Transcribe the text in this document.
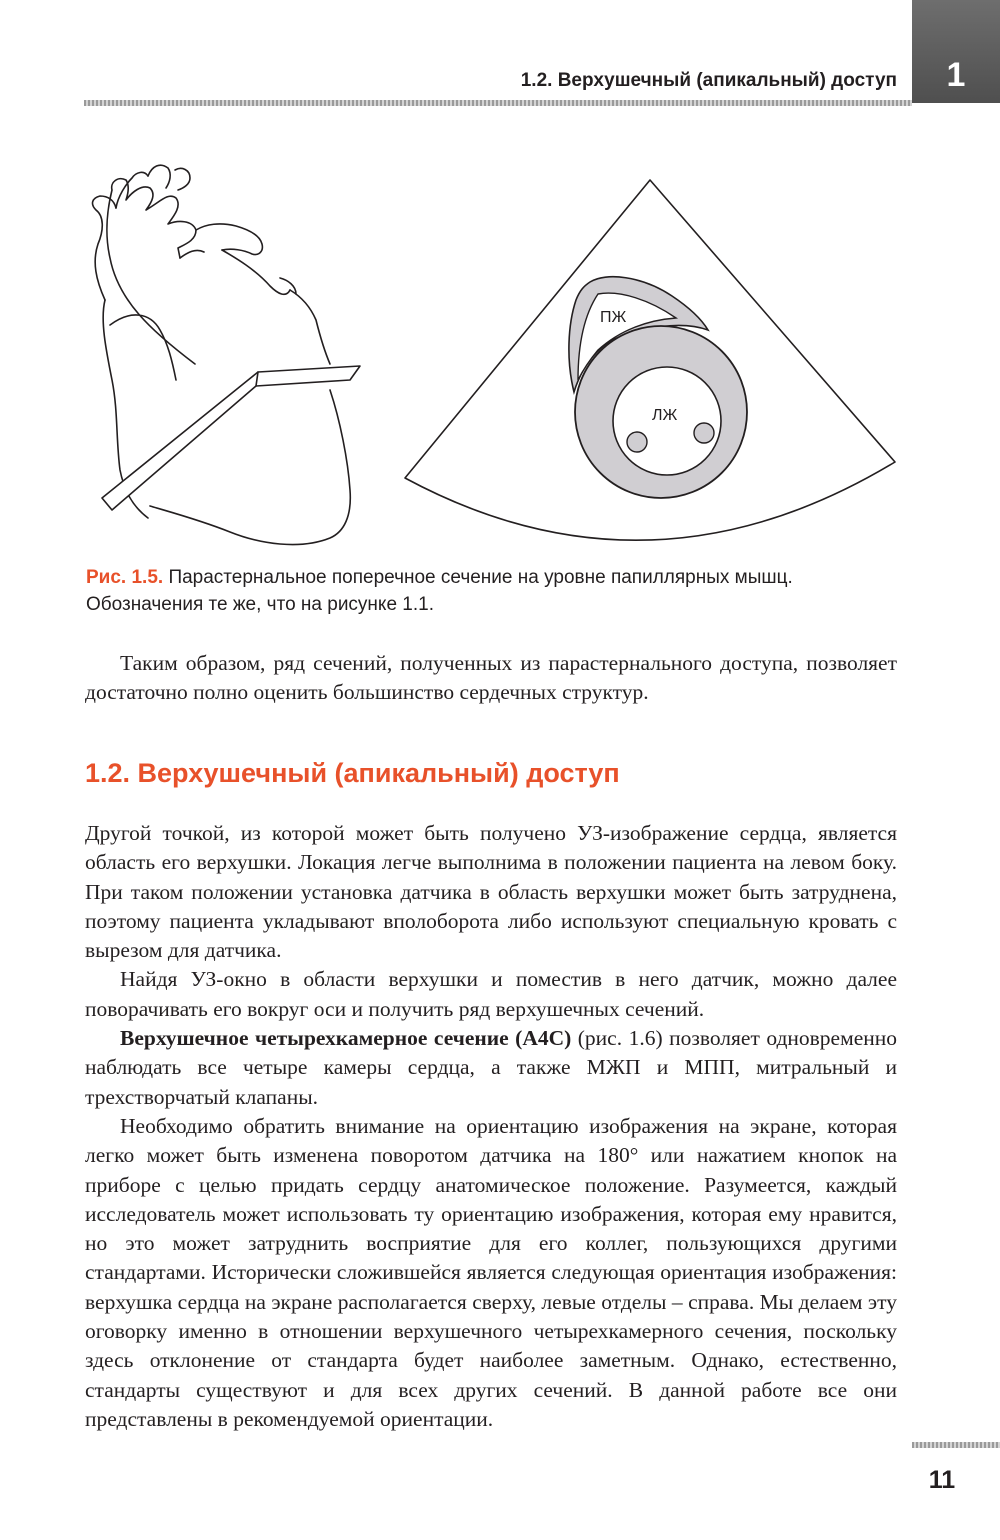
1.2. Верхушечный (апикальный) доступ	1
ПЖ
ЛЖ
Рис. 1.5. Парастернальное поперечное сечение на уровне папиллярных мышц.
Обозначения те же, что на рисунке 1.1.

Таким образом, ряд сечений, полученных из парастернального доступа, позволяет достаточно полно оценить большинство сердечных структур.

1.2. Верхушечный (апикальный) доступ

Другой точкой, из которой может быть получено УЗ-изображение сердца, является область его верхушки. Локация легче выполнима в положении пациента на левом боку. При таком положении установка датчика в область верхушки может быть затруднена, поэтому пациента укладывают вполоборота либо используют специальную кровать с вырезом для датчика.

Найдя УЗ-окно в области верхушки и поместив в него датчик, можно далее поворачивать его вокруг оси и получить ряд верхушечных сечений.

Верхушечное четырехкамерное сечение (А4С) (рис. 1.6) позволяет одновременно наблюдать все четыре камеры сердца, а также МЖП и МПП, митральный и трехстворчатый клапаны.

Необходимо обратить внимание на ориентацию изображения на экране, которая легко может быть изменена поворотом датчика на 180° или нажатием кнопок на приборе с целью придать сердцу анатомическое положение. Разумеется, каждый исследователь может использовать ту ориентацию изображения, которая ему нравится, но это может затруднить восприятие для его коллег, пользующихся другими стандартами. Исторически сложившейся является следующая ориентация изображения: верхушка сердца на экране располагается сверху, левые отделы – справа. Мы делаем эту оговорку именно в отношении верхушечного четырехкамерного сечения, поскольку здесь отклонение от стандарта будет наиболее заметным. Однако, естественно, стандарты существуют и для всех других сечений. В данной работе все они представлены в рекомендуемой ориентации.

11
